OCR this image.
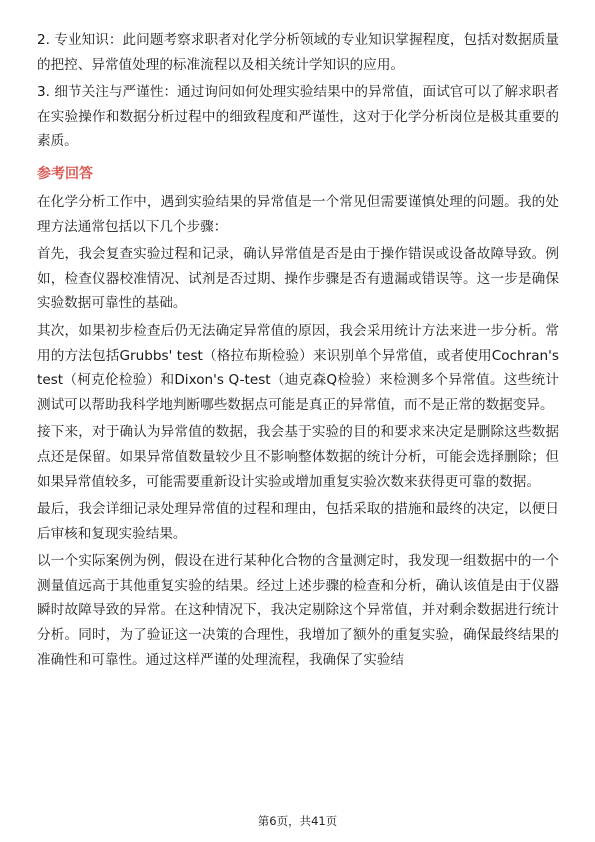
2. 专业知识：此问题考察求职者对化学分析领域的专业知识掌握程度，包括对数据质量的把控、异常值处理的标准流程以及相关统计学知识的应用。

3. 细节关注与严谨性：通过询问如何处理实验结果中的异常值，面试官可以了解求职者在实验操作和数据分析过程中的细致程度和严谨性，这对于化学分析岗位是极其重要的素质。

参考回答

在化学分析工作中，遇到实验结果的异常值是一个常见但需要谨慎处理的问题。我的处理方法通常包括以下几个步骤：

首先，我会复查实验过程和记录，确认异常值是否是由于操作错误或设备故障导致。例如，检查仪器校准情况、试剂是否过期、操作步骤是否有遗漏或错误等。这一步是确保实验数据可靠性的基础。

其次，如果初步检查后仍无法确定异常值的原因，我会采用统计方法来进一步分析。常用的方法包括Grubbs' test（格拉布斯检验）来识别单个异常值，或者使用Cochran's test（柯克伦检验）和Dixon's Q-test（迪克森Q检验）来检测多个异常值。这些统计测试可以帮助我科学地判断哪些数据点可能是真正的异常值，而不是正常的数据变异。

接下来，对于确认为异常值的数据，我会基于实验的目的和要求来决定是删除这些数据点还是保留。如果异常值数量较少且不影响整体数据的统计分析，可能会选择删除；但如果异常值较多，可能需要重新设计实验或增加重复实验次数来获得更可靠的数据。

最后，我会详细记录处理异常值的过程和理由，包括采取的措施和最终的决定，以便日后审核和复现实验结果。

以一个实际案例为例，假设在进行某种化合物的含量测定时，我发现一组数据中的一个测量值远高于其他重复实验的结果。经过上述步骤的检查和分析，确认该值是由于仪器瞬时故障导致的异常。在这种情况下，我决定剔除这个异常值，并对剩余数据进行统计分析。同时，为了验证这一决策的合理性，我增加了额外的重复实验，确保最终结果的准确性和可靠性。通过这样严谨的处理流程，我确保了实验结

第6页，共41页
